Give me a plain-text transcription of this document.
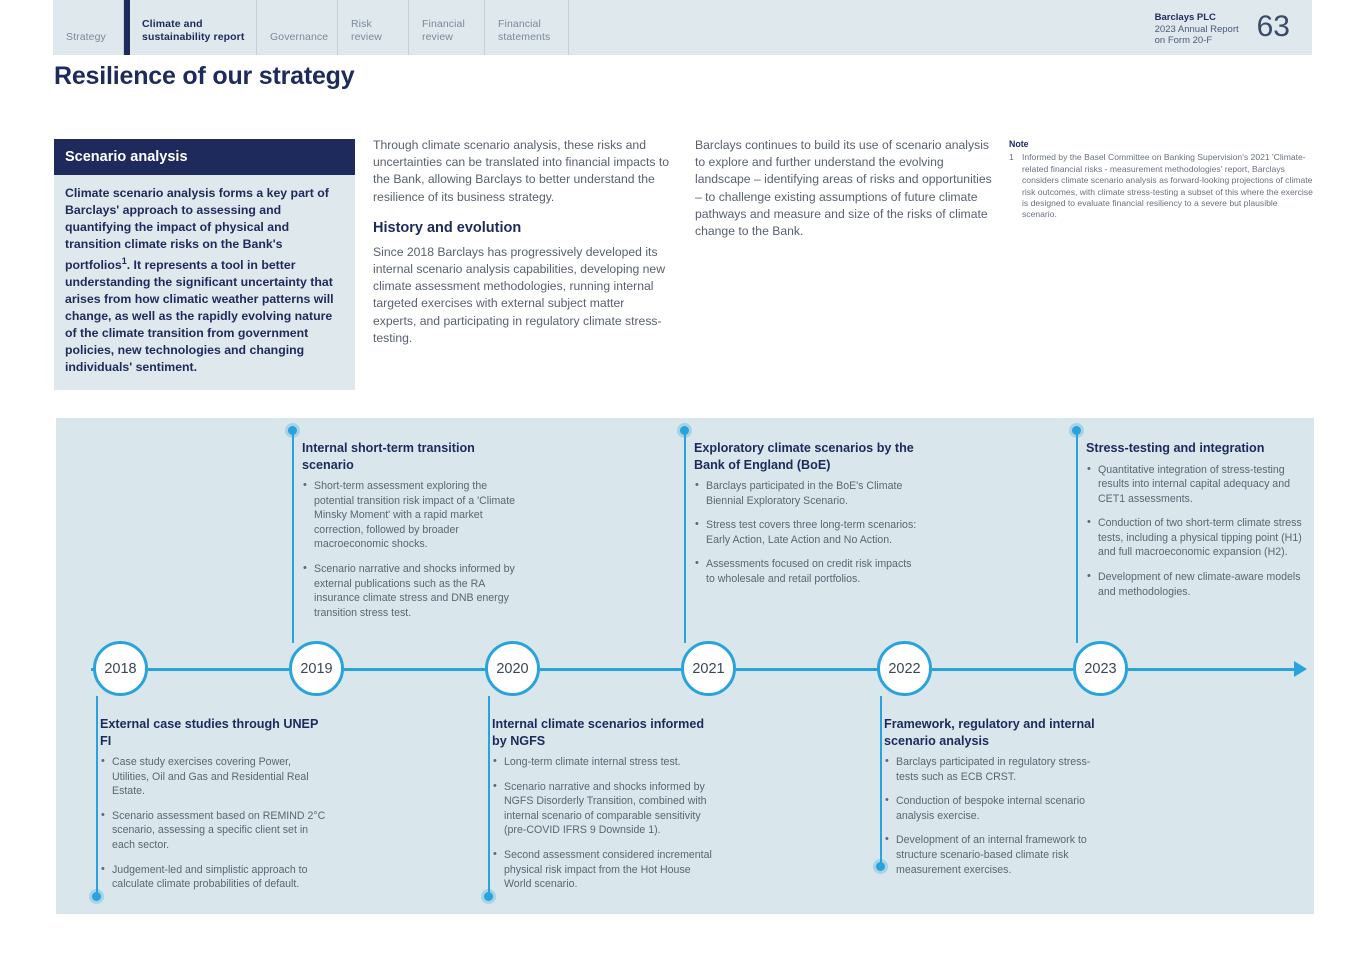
Strategy
Climate and
sustainability report Governance
Risk
review
Financial
review
Financial
statements
Barclays PLC
2023 Annual Report
on Form 20-F	63
Resilience of our strategy
Scenario analysis
Climate scenario analysis forms a key part of Barclays' approach to assessing and quantifying the impact of physical and transition climate risks on the Bank's portfolios$^1$. It represents a tool in better understanding the significant uncertainty that arises from how climatic weather patterns will change, as well as the rapidly evolving nature of the climate transition from government policies, new technologies and changing individuals' sentiment.

Through climate scenario analysis, these risks and uncertainties can be translated into financial impacts to the Bank, allowing Barclays to better understand the resilience of its business strategy.

History and evolution

Since 2018 Barclays has progressively developed its internal scenario analysis capabilities, developing new climate assessment methodologies, running internal targeted exercises with external subject matter experts, and participating in regulatory climate stress-testing.

Barclays continues to build its use of scenario analysis to explore and further understand the evolving landscape – identifying areas of risks and opportunities – to challenge existing assumptions of future climate pathways and measure and size of the risks of climate change to the Bank.

Note
1 Informed by the Basel Committee on Banking Supervision's 2021 'Climate-related financial risks - measurement methodologies' report, Barclays considers climate scenario analysis as forward-looking projections of climate risk outcomes, with climate stress-testing a subset of this where the exercise is designed to evaluate financial resiliency to a severe but plausible scenario.
2018	2019	2020	2021	2022	2023
Internal short-term transition scenario
• Short-term assessment exploring the potential transition risk impact of a 'Climate Minsky Moment' with a rapid market correction, followed by broader macroeconomic shocks.
• Scenario narrative and shocks informed by external publications such as the RA insurance climate stress and DNB energy transition stress test.
Exploratory climate scenarios by the Bank of England (BoE)
• Barclays participated in the BoE's Climate Biennial Exploratory Scenario.
• Stress test covers three long-term scenarios: Early Action, Late Action and No Action.
• Assessments focused on credit risk impacts to wholesale and retail portfolios.
Stress-testing and integration
• Quantitative integration of stress-testing results into internal capital adequacy and CET1 assessments.
• Conduction of two short-term climate stress tests, including a physical tipping point (H1) and full macroeconomic expansion (H2).
• Development of new climate-aware models and methodologies.
External case studies through UNEP FI
• Case study exercises covering Power, Utilities, Oil and Gas and Residential Real Estate.
• Scenario assessment based on REMIND 2°C scenario, assessing a specific client set in each sector.
• Judgement-led and simplistic approach to calculate climate probabilities of default.
Internal climate scenarios informed by NGFS
• Long-term climate internal stress test.
• Scenario narrative and shocks informed by NGFS Disorderly Transition, combined with internal scenario of comparable sensitivity (pre-COVID IFRS 9 Downside 1).
• Second assessment considered incremental physical risk impact from the Hot House World scenario.
Framework, regulatory and internal scenario analysis
• Barclays participated in regulatory stress-tests such as ECB CRST.
• Conduction of bespoke internal scenario analysis exercise.
• Development of an internal framework to structure scenario-based climate risk measurement exercises.
